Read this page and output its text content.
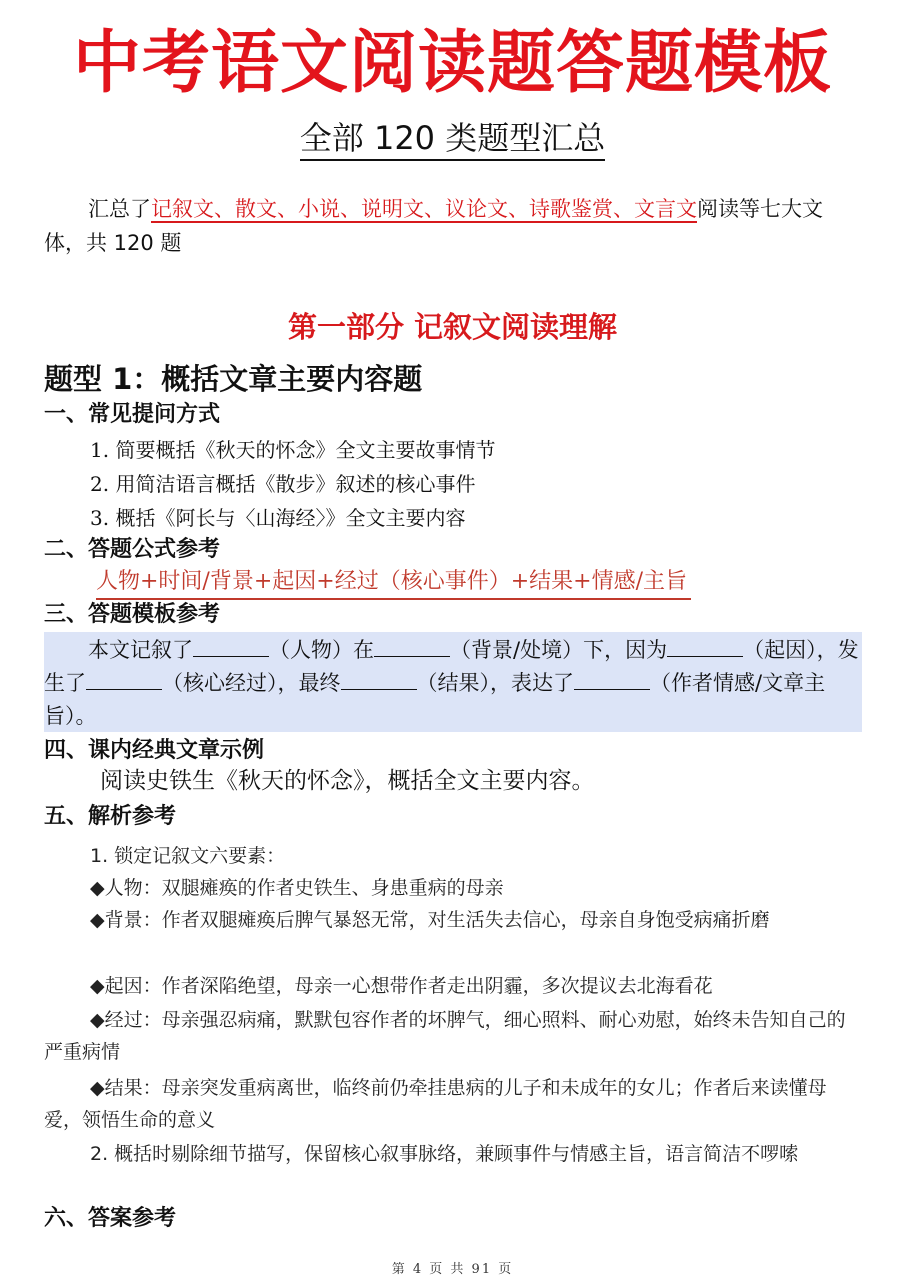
中考语文阅读题答题模板
全部 120 类题型汇总
汇总了记叙文、散文、小说、说明文、议论文、诗歌鉴赏、文言文阅读等七大文体，共 120 题
第一部分 记叙文阅读理解
题型 1：概括文章主要内容题
一、常见提问方式
1. 简要概括《秋天的怀念》全文主要故事情节
2. 用简洁语言概括《散步》叙述的核心事件
3. 概括《阿长与〈山海经〉》全文主要内容
二、答题公式参考
人物+时间/背景+起因+经过（核心事件）+结果+情感/主旨
三、答题模板参考
本文记叙了	（人物）在	（背景/处境）下，因为	（起因），发生了	（核心经过），最终	（结果），表达了	（作者情感/文章主旨）。
四、课内经典文章示例
阅读史铁生《秋天的怀念》，概括全文主要内容。
五、解析参考
1. 锁定记叙文六要素：
◆人物：双腿瘫痪的作者史铁生、身患重病的母亲
◆背景：作者双腿瘫痪后脾气暴怒无常，对生活失去信心，母亲自身饱受病痛折磨
◆起因：作者深陷绝望，母亲一心想带作者走出阴霾，多次提议去北海看花
◆经过：母亲强忍病痛，默默包容作者的坏脾气，细心照料、耐心劝慰，始终未告知自己的严重病情
◆结果：母亲突发重病离世，临终前仍牵挂患病的儿子和未成年的女儿；作者后来读懂母爱，领悟生命的意义
2. 概括时剔除细节描写，保留核心叙事脉络，兼顾事件与情感主旨，语言简洁不啰嗦
六、答案参考
第 4 页 共 91 页
